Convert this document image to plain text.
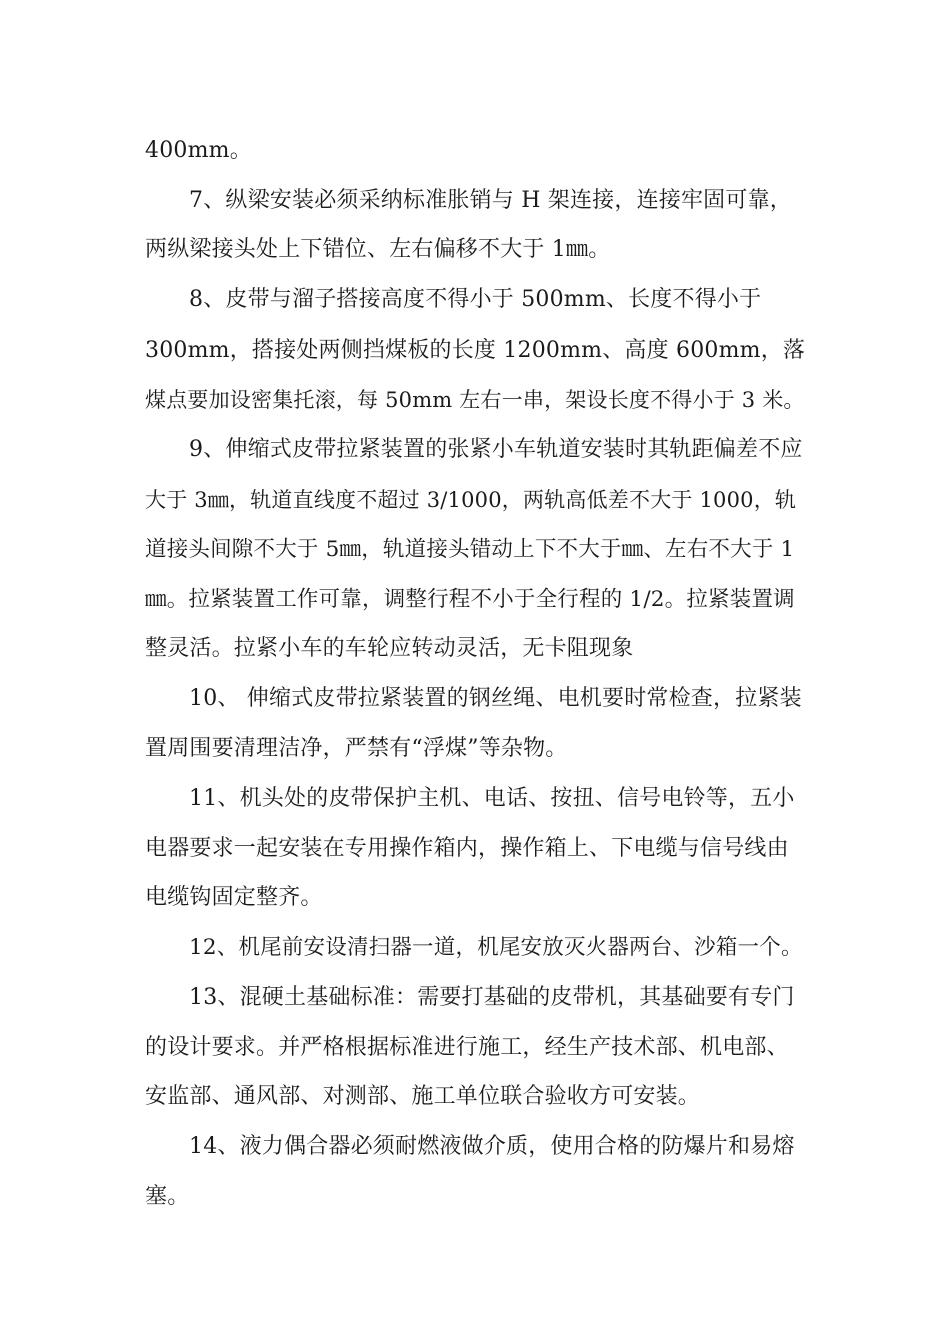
400mm。
7、纵梁安装必须采纳标准胀销与 H 架连接，连接牢固可靠，
两纵梁接头处上下错位、左右偏移不大于 1㎜。
8、皮带与溜子搭接高度不得小于 500mm、长度不得小于
300mm，搭接处两侧挡煤板的长度 1200mm、高度 600mm，落
煤点要加设密集托滚，每 50mm 左右一串，架设长度不得小于 3 米。
9、伸缩式皮带拉紧装置的张紧小车轨道安装时其轨距偏差不应
大于 3㎜，轨道直线度不超过 3/1000，两轨高低差不大于 1000，轨
道接头间隙不大于 5㎜，轨道接头错动上下不大于㎜、左右不大于 1
㎜。拉紧装置工作可靠，调整行程不小于全行程的 1/2。拉紧装置调
整灵活。拉紧小车的车轮应转动灵活，无卡阻现象
10、 伸缩式皮带拉紧装置的钢丝绳、电机要时常检查，拉紧装
置周围要清理洁净，严禁有“浮煤”等杂物。
11、机头处的皮带保护主机、电话、按扭、信号电铃等，五小
电器要求一起安装在专用操作箱内，操作箱上、下电缆与信号线由
电缆钩固定整齐。
12、机尾前安设清扫器一道，机尾安放灭火器两台、沙箱一个。
13、混硬土基础标准：需要打基础的皮带机，其基础要有专门
的设计要求。并严格根据标准进行施工，经生产技术部、机电部、
安监部、通风部、对测部、施工单位联合验收方可安装。
14、液力偶合器必须耐燃液做介质，使用合格的防爆片和易熔
塞。
